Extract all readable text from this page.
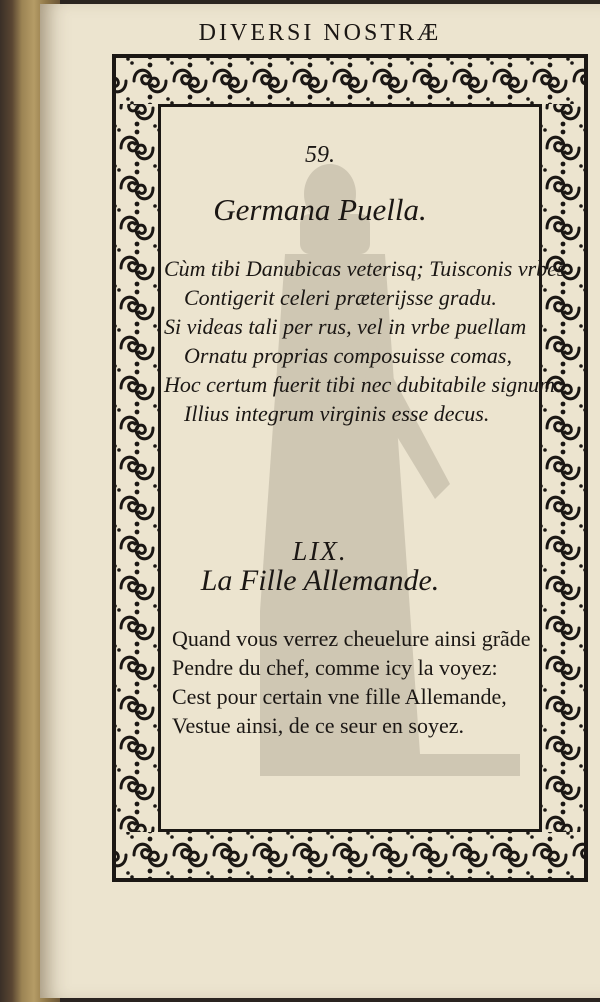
DIVERSI NOSTRÆ
59.
Germana Puella.
Cùm tibi Danubicas veterisq; Tuisconis vrbes
Contigerit celeri præterijsse gradu.
Si videas tali per rus, vel in vrbe puellam
Ornatu proprias composuisse comas,
Hoc certum fuerit tibi nec dubitabile signum
Illius integrum virginis esse decus.
LIX.
La Fille Allemande.
Quand vous verrez cheuelure ainsi grãde
Pendre du chef, comme icy la voyez:
Cest pour certain vne fille Allemande,
Vestue ainsi, de ce seur en soyez.
